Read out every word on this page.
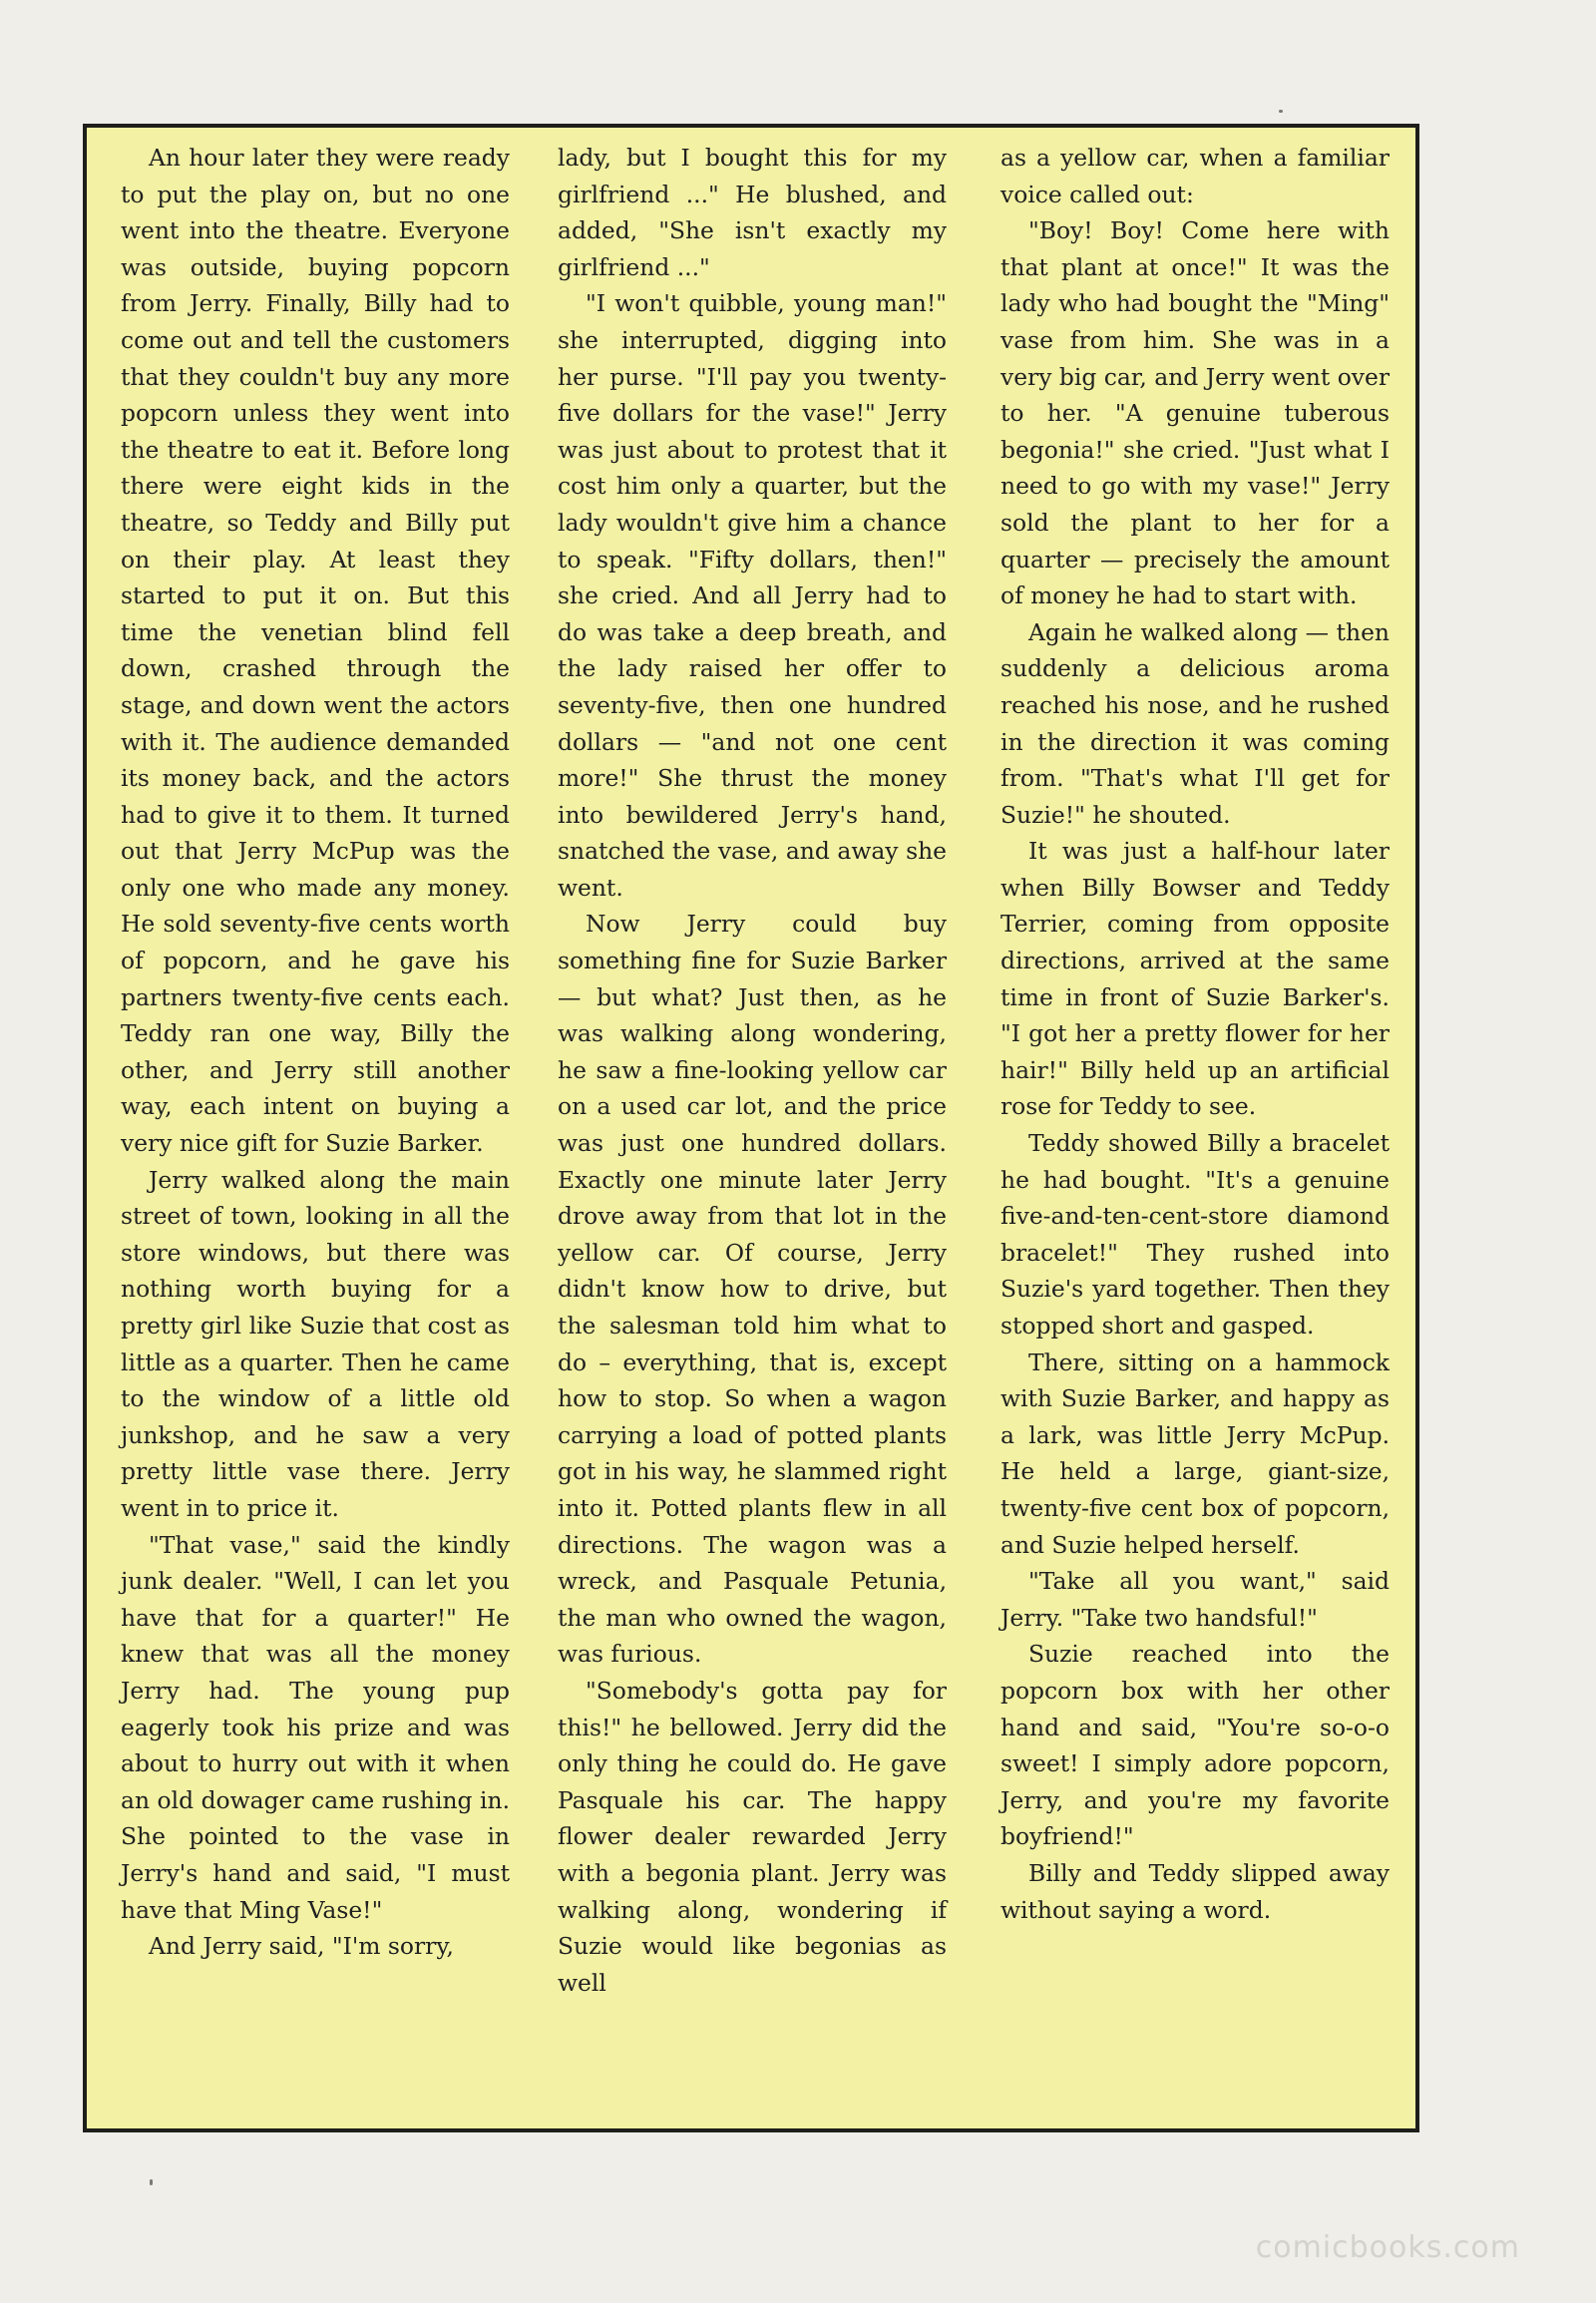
An hour later they were ready to put the play on, but no one went into the theatre. Everyone was outside, buying popcorn from Jerry. Finally, Billy had to come out and tell the customers that they couldn't buy any more popcorn unless they went into the theatre to eat it. Before long there were eight kids in the theatre, so Teddy and Billy put on their play. At least they started to put it on. But this time the venetian blind fell down, crashed through the stage, and down went the actors with it. The audience demanded its money back, and the actors had to give it to them. It turned out that Jerry McPup was the only one who made any money. He sold seventy-five cents worth of popcorn, and he gave his partners twenty-five cents each. Teddy ran one way, Billy the other, and Jerry still another way, each intent on buying a very nice gift for Suzie Barker.

Jerry walked along the main street of town, looking in all the store windows, but there was nothing worth buying for a pretty girl like Suzie that cost as little as a quarter. Then he came to the window of a little old junkshop, and he saw a very pretty little vase there. Jerry went in to price it.

"That vase," said the kindly junk dealer. "Well, I can let you have that for a quarter!" He knew that was all the money Jerry had. The young pup eagerly took his prize and was about to hurry out with it when an old dowager came rushing in. She pointed to the vase in Jerry's hand and said, "I must have that Ming Vase!"

And Jerry said, "I'm sorry,

lady, but I bought this for my girlfriend ..." He blushed, and added, "She isn't exactly my girlfriend ..."

"I won't quibble, young man!" she interrupted, digging into her purse. "I'll pay you twenty-five dollars for the vase!" Jerry was just about to protest that it cost him only a quarter, but the lady wouldn't give him a chance to speak. "Fifty dollars, then!" she cried. And all Jerry had to do was take a deep breath, and the lady raised her offer to seventy-five, then one hundred dollars — "and not one cent more!" She thrust the money into bewildered Jerry's hand, snatched the vase, and away she went.

Now Jerry could buy something fine for Suzie Barker — but what? Just then, as he was walking along wondering, he saw a fine-looking yellow car on a used car lot, and the price was just one hundred dollars. Exactly one minute later Jerry drove away from that lot in the yellow car. Of course, Jerry didn't know how to drive, but the salesman told him what to do – everything, that is, except how to stop. So when a wagon carrying a load of potted plants got in his way, he slammed right into it. Potted plants flew in all directions. The wagon was a wreck, and Pasquale Petunia, the man who owned the wagon, was furious.

"Somebody's gotta pay for this!" he bellowed. Jerry did the only thing he could do. He gave Pasquale his car. The happy flower dealer rewarded Jerry with a begonia plant. Jerry was walking along, wondering if Suzie would like begonias as well

as a yellow car, when a familiar voice called out:

"Boy! Boy! Come here with that plant at once!" It was the lady who had bought the "Ming" vase from him. She was in a very big car, and Jerry went over to her. "A genuine tuberous begonia!" she cried. "Just what I need to go with my vase!" Jerry sold the plant to her for a quarter — precisely the amount of money he had to start with.

Again he walked along — then suddenly a delicious aroma reached his nose, and he rushed in the direction it was coming from. "That's what I'll get for Suzie!" he shouted.

It was just a half-hour later when Billy Bowser and Teddy Terrier, coming from opposite directions, arrived at the same time in front of Suzie Barker's. "I got her a pretty flower for her hair!" Billy held up an artificial rose for Teddy to see.

Teddy showed Billy a bracelet he had bought. "It's a genuine five-and-ten-cent-store diamond bracelet!" They rushed into Suzie's yard together. Then they stopped short and gasped.

There, sitting on a hammock with Suzie Barker, and happy as a lark, was little Jerry McPup. He held a large, giant-size, twenty-five cent box of popcorn, and Suzie helped herself.

"Take all you want," said Jerry. "Take two handsful!"

Suzie reached into the popcorn box with her other hand and said, "You're so-o-o sweet! I simply adore popcorn, Jerry, and you're my favorite boyfriend!"

Billy and Teddy slipped away without saying a word.

comicbooks.com
